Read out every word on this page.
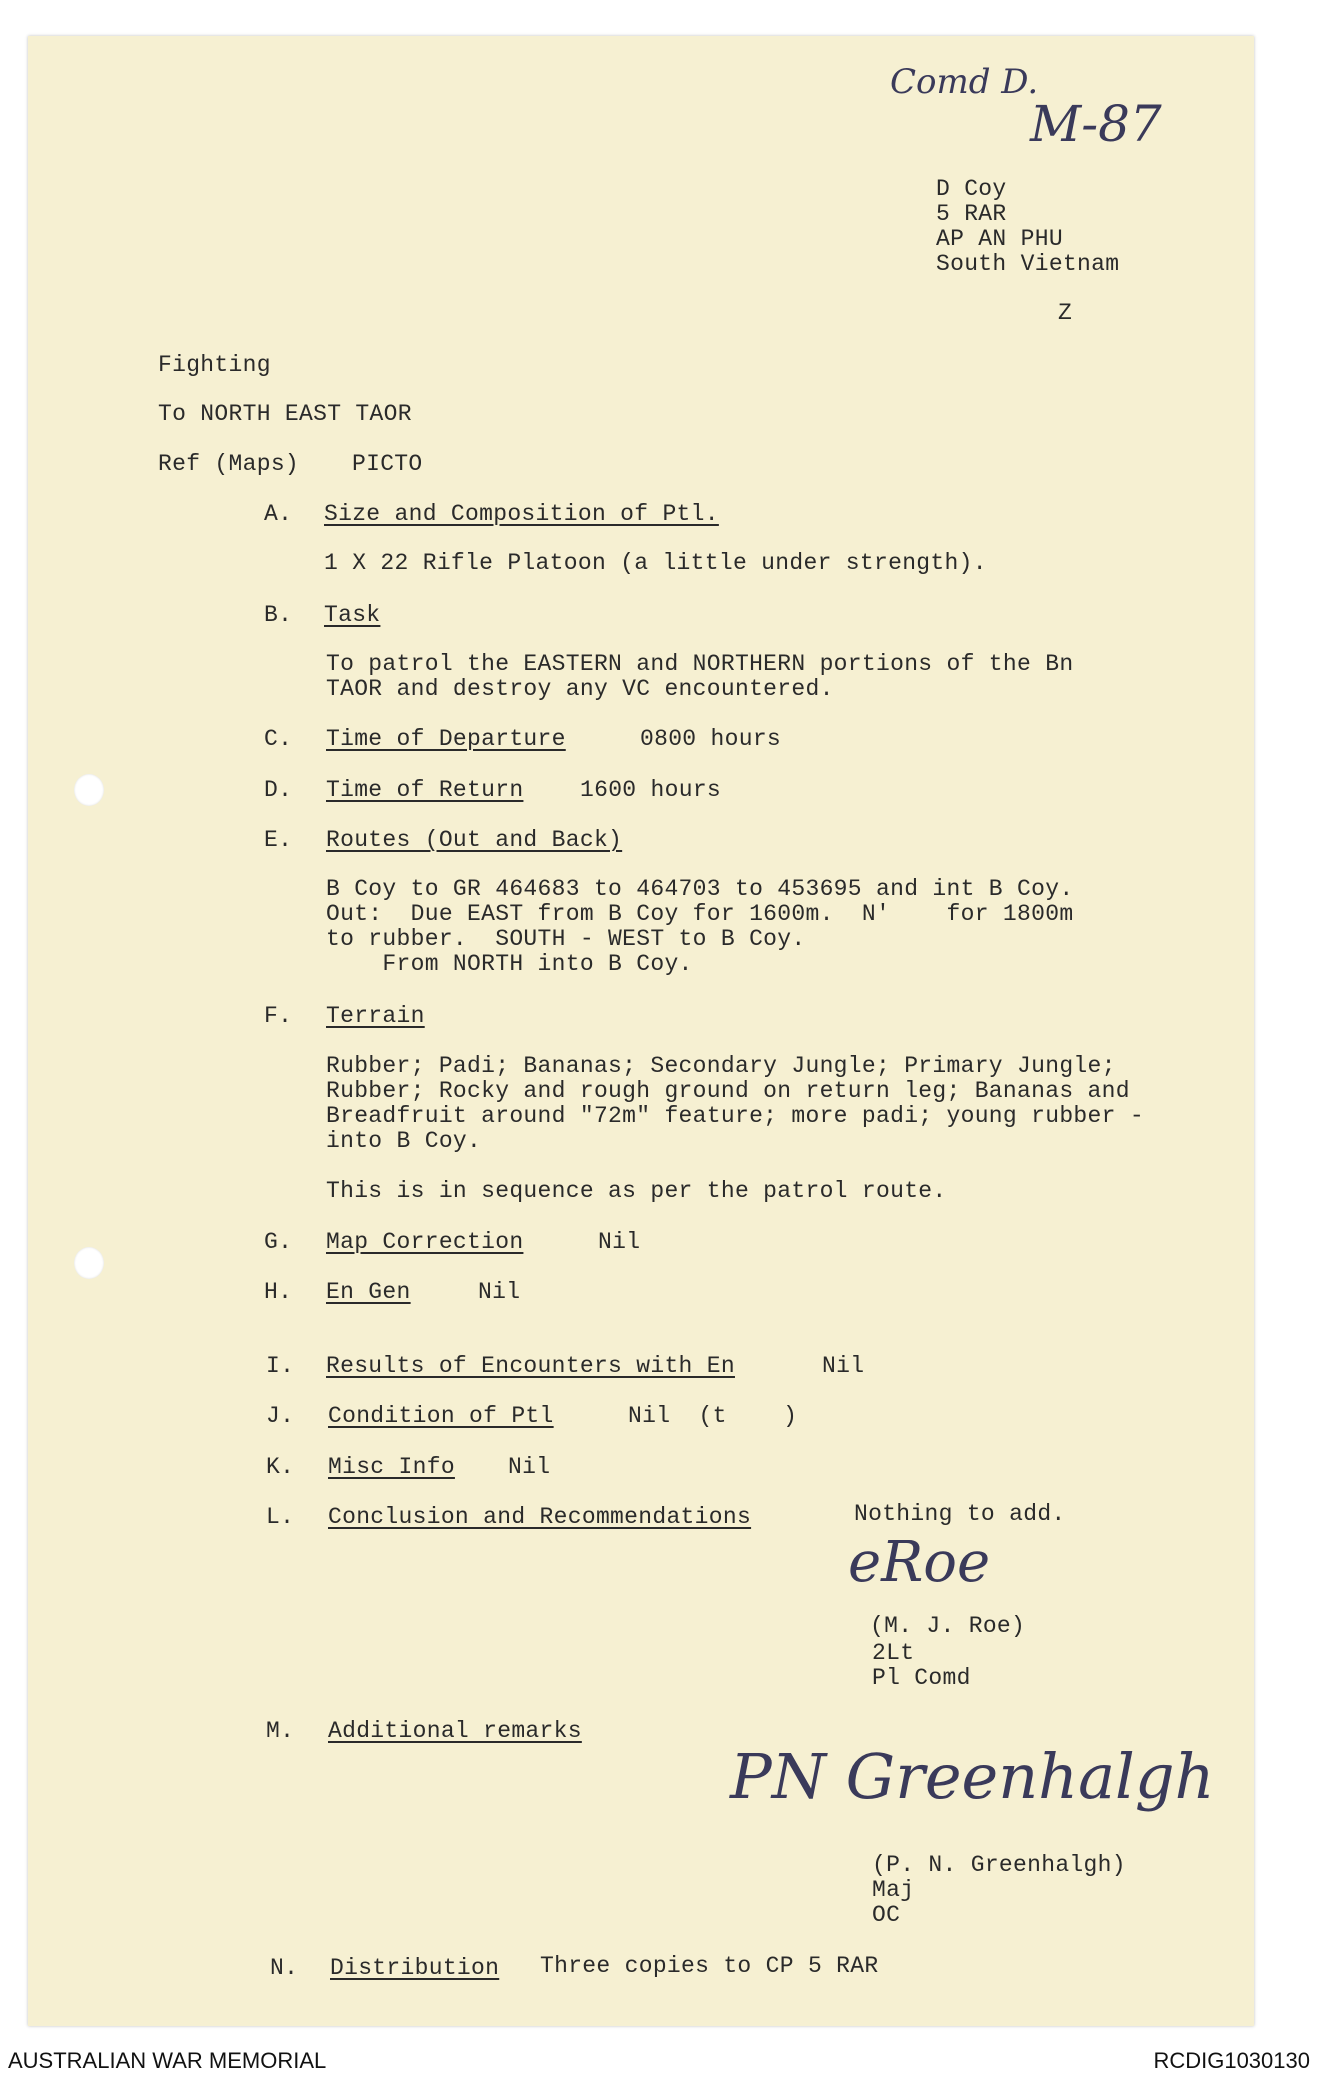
Comd D.
M-87
D Coy
5 RAR
AP AN PHU
South Vietnam
Z
Fighting
To NORTH EAST TAOR
Ref (Maps) PICTO
A. Size and Composition of Ptl.
1 X 22 Rifle Platoon (a little under strength).
B. Task
To patrol the EASTERN and NORTHERN portions of the Bn
TAOR and destroy any VC encountered.
C. Time of Departure	0800 hours
D. Time of Return 1600 hours
E. Routes (Out and Back)
B Coy to GR 464683 to 464703 to 453695 and int B Coy.
Out:  Due EAST from B Coy for 1600m.  N'    for 1800m
to rubber.  SOUTH - WEST to B Coy.
From NORTH into B Coy.
F. Terrain
Rubber; Padi; Bananas; Secondary Jungle; Primary Jungle;
Rubber; Rocky and rough ground on return leg; Bananas and
Breadfruit around "72m" feature; more padi; young rubber -
into B Coy.
This is in sequence as per the patrol route.
G. Map Correction	Nil
H. En Gen	Nil
I. Results of Encounters with En	Nil
J. Condition of Ptl	Nil  (t    )
K. Misc Info Nil
L. Conclusion and Recommendations	Nothing to add.
eRoe
(M. J. Roe)
2Lt
Pl Comd
M. Additional remarks
PN Greenhalgh
(P. N. Greenhalgh)
Maj
OC
N. Distribution Three copies to CP 5 RAR
AUSTRALIAN WAR MEMORIAL	RCDIG1030130
